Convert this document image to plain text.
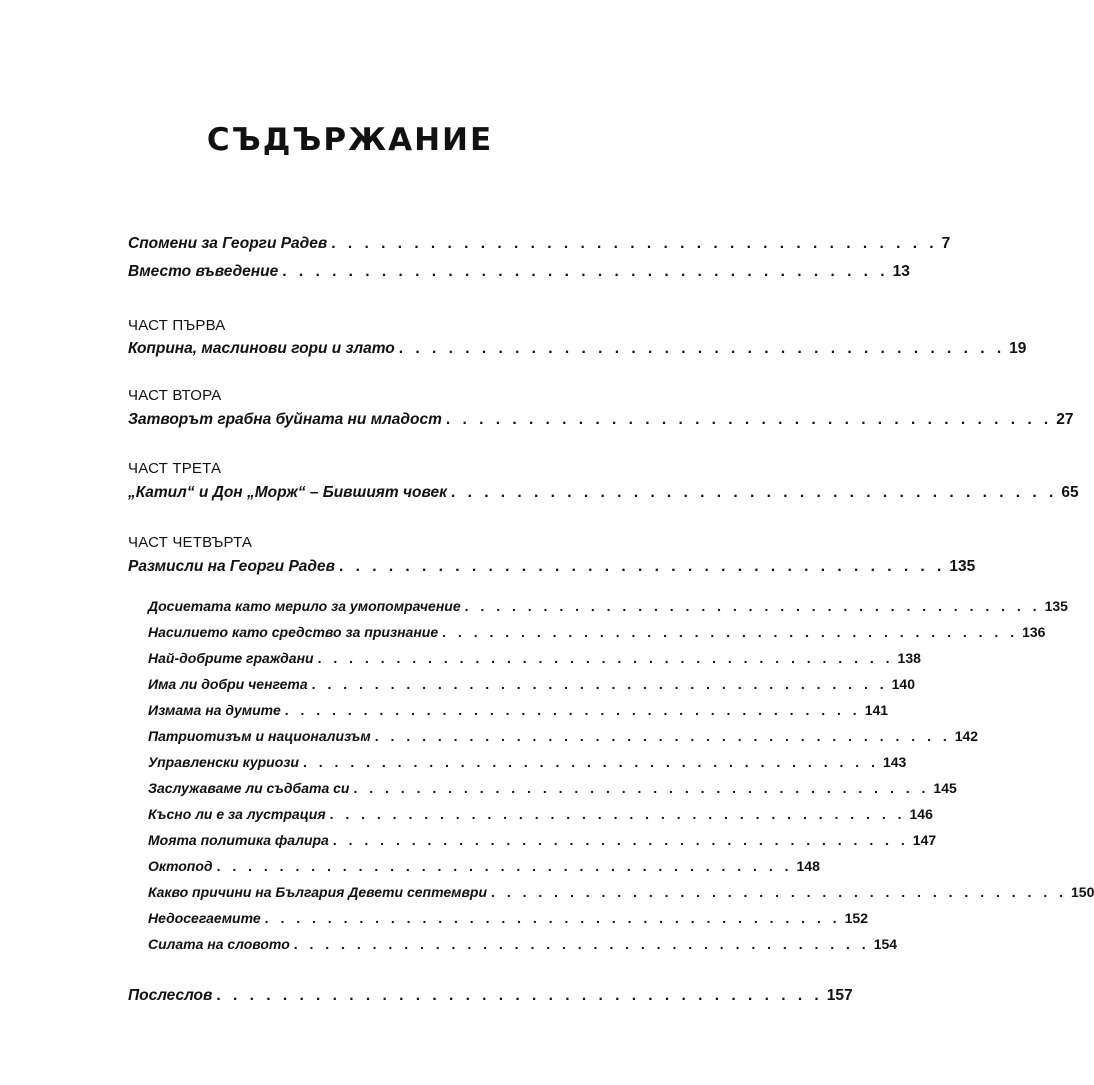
СЪДЪРЖАНИЕ
Спомени за Георги Радев . . . . . . . . . . . . . . . . . . . . . . . . . . . . . . . . . . . . . 7
Вместо въведение . . . . . . . . . . . . . . . . . . . . . . . . . . . . . . . . . . . . . 13
ЧАСТ ПЪРВА
Коприна, маслинови гори и злато . . . . . . . . . . . . . . . . . . . . . . . . . . . . . . . . . . . . . 19
ЧАСТ ВТОРА
Затворът грабна буйната ни младост . . . . . . . . . . . . . . . . . . . . . . . . . . . . . . . . . . . . . 27
ЧАСТ ТРЕТА
„Катил“ и Дон „Морж“ – Бившият човек . . . . . . . . . . . . . . . . . . . . . . . . . . . . . . . . . . . . . 65
ЧАСТ ЧЕТВЪРТА
Размисли на Георги Радев . . . . . . . . . . . . . . . . . . . . . . . . . . . . . . . . . . . . . 135
Досиетата като мерило за умопомрачение . . . . . . . . . . . . . . . . . . . . . . . . . . . . . . . . . . . . . 135
Насилието като средство за признание . . . . . . . . . . . . . . . . . . . . . . . . . . . . . . . . . . . . . 136
Най-добрите граждани . . . . . . . . . . . . . . . . . . . . . . . . . . . . . . . . . . . . . 138
Има ли добри ченгета . . . . . . . . . . . . . . . . . . . . . . . . . . . . . . . . . . . . . 140
Измама на думите . . . . . . . . . . . . . . . . . . . . . . . . . . . . . . . . . . . . . 141
Патриотизъм и национализъм . . . . . . . . . . . . . . . . . . . . . . . . . . . . . . . . . . . . . 142
Управленски куриози . . . . . . . . . . . . . . . . . . . . . . . . . . . . . . . . . . . . . 143
Заслужаваме ли съдбата си . . . . . . . . . . . . . . . . . . . . . . . . . . . . . . . . . . . . . 145
Късно ли е за лустрация . . . . . . . . . . . . . . . . . . . . . . . . . . . . . . . . . . . . . 146
Моята политика фалира . . . . . . . . . . . . . . . . . . . . . . . . . . . . . . . . . . . . . 147
Октопод . . . . . . . . . . . . . . . . . . . . . . . . . . . . . . . . . . . . . 148
Какво причини на България Девети септември . . . . . . . . . . . . . . . . . . . . . . . . . . . . . . . . . . . . . 150
Недосегаемите . . . . . . . . . . . . . . . . . . . . . . . . . . . . . . . . . . . . . 152
Силата на словото . . . . . . . . . . . . . . . . . . . . . . . . . . . . . . . . . . . . . 154
Послеслов . . . . . . . . . . . . . . . . . . . . . . . . . . . . . . . . . . . . . 157
